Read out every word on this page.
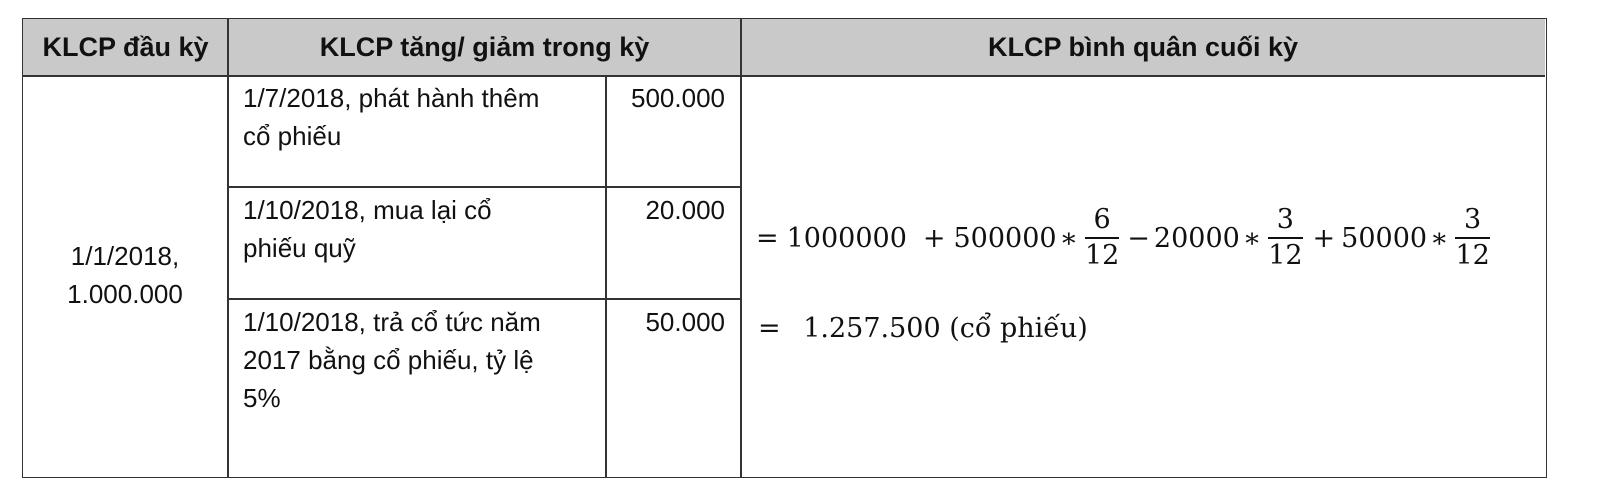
KLCP đầu kỳ	KLCP tăng/ giảm trong kỳ	KLCP bình quân cuối kỳ
1/1/2018,
1.000.000
1/7/2018, phát hành thêm
cổ phiếu
500.000
1/10/2018, mua lại cổ
phiếu quỹ
20.000
1/10/2018, trả cổ tức năm
2017 bằng cổ phiếu, tỷ lệ
5%
50.000
= 1000000 + 500000 ∗ $\frac{6}{12} - 20000$ ∗ $\frac{3}{12} + 50000$ ∗ $\frac{3}{12}$
= 1.257.500 (cổ phiếu)
